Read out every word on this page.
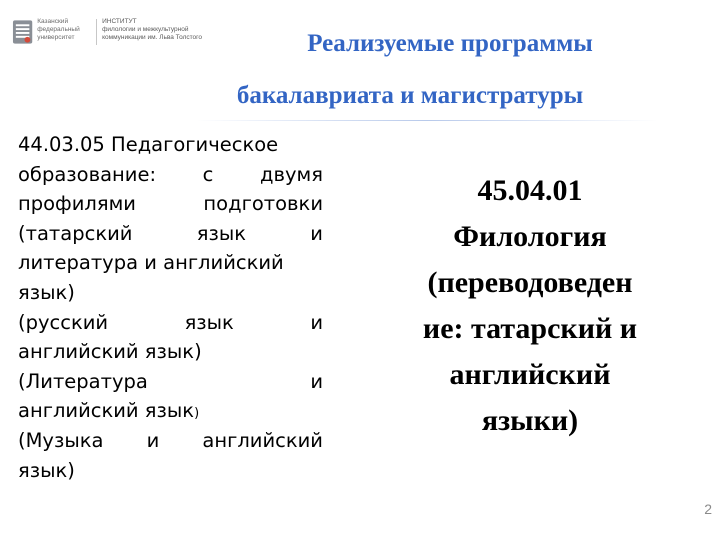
Казанский
федеральный
университет
ИНСТИТУТ
филологии и межкультурной
коммуникации им. Льва Толстого	Реализуемые программы
бакалавриата и магистратуры
44.03.05 Педагогическое
образование: с двумя
профилями	подготовки
(татарский	язык	и
литература и английский
язык)
(русский	язык	и
английский язык)
(Литература	и
английский язык)
(Музыка и английский
язык)
45.04.01
Филология
(переводоведен
ие: татарский и
английский
языки)
2
